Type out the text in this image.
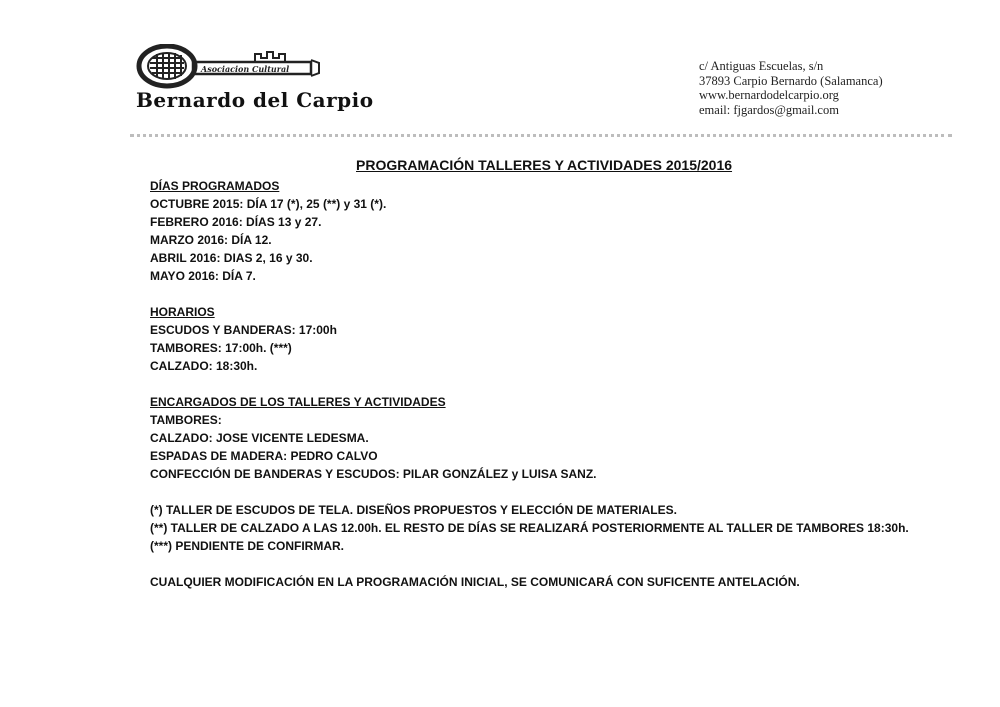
Asociacion Cultural
Bernardo del Carpio
c/ Antiguas Escuelas, s/n
37893 Carpio Bernardo (Salamanca)
www.bernardodelcarpio.org
email: fjgardos@gmail.com
PROGRAMACIÓN TALLERES Y ACTIVIDADES 2015/2016
DÍAS PROGRAMADOS
OCTUBRE 2015: DÍA 17 (*), 25 (**) y 31 (*).
FEBRERO 2016: DÍAS 13 y 27.
MARZO 2016: DÍA 12.
ABRIL 2016: DIAS 2, 16 y 30.
MAYO 2016: DÍA 7.
HORARIOS
ESCUDOS Y BANDERAS: 17:00h
TAMBORES: 17:00h. (***)
CALZADO: 18:30h.
ENCARGADOS DE LOS TALLERES Y ACTIVIDADES
TAMBORES:
CALZADO: JOSE VICENTE LEDESMA.
ESPADAS DE MADERA: PEDRO CALVO
CONFECCIÓN DE BANDERAS Y ESCUDOS: PILAR GONZÁLEZ y LUISA SANZ.
(*) TALLER DE ESCUDOS DE TELA. DISEÑOS PROPUESTOS Y ELECCIÓN DE MATERIALES.
(**) TALLER DE CALZADO A LAS 12.00h. EL RESTO DE DÍAS SE REALIZARÁ POSTERIORMENTE AL TALLER DE TAMBORES 18:30h.
(***) PENDIENTE DE CONFIRMAR.
CUALQUIER MODIFICACIÓN EN LA PROGRAMACIÓN INICIAL, SE COMUNICARÁ CON SUFICENTE ANTELACIÓN.
